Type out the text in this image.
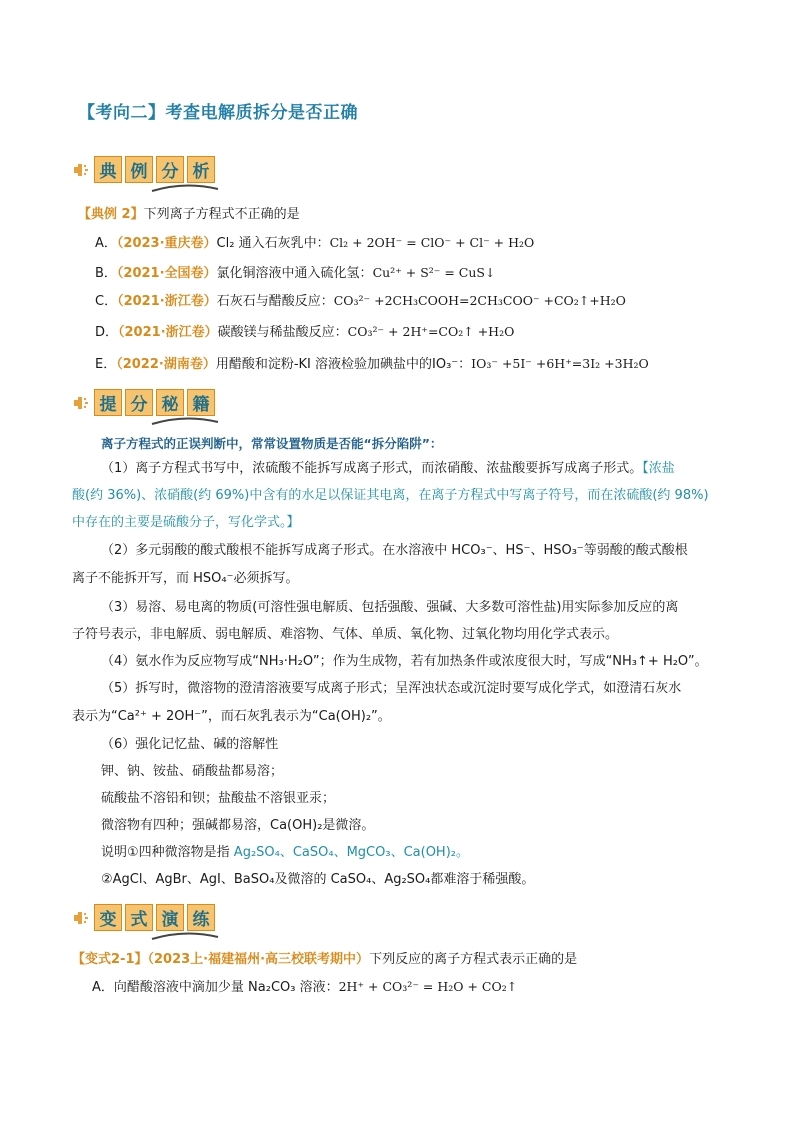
【考向二】考查电解质拆分是否正确
典 例 分 析
【典例 2】下列离子方程式不正确的是
A．（2023·重庆卷）Cl₂ 通入石灰乳中：Cl₂ + 2OH⁻ = ClO⁻ + Cl⁻ + H₂O
B．（2021·全国卷）氯化铜溶液中通入硫化氢：Cu²⁺ + S²⁻ = CuS↓
C．（2021·浙江卷）石灰石与醋酸反应：CO₃²⁻ +2CH₃COOH=2CH₃COO⁻ +CO₂↑+H₂O
D．（2021·浙江卷）碳酸镁与稀盐酸反应：CO₃²⁻ + 2H⁺=CO₂↑ +H₂O
E．（2022·湖南卷）用醋酸和淀粉-KI 溶液检验加碘盐中的IO₃⁻：IO₃⁻ +5I⁻ +6H⁺=3I₂ +3H₂O
提 分 秘 籍
离子方程式的正误判断中，常常设置物质是否能“拆分陷阱”：
（1）离子方程式书写中，浓硫酸不能拆写成离子形式，而浓硝酸、浓盐酸要拆写成离子形式。【浓盐
酸(约 36%)、浓硝酸(约 69%)中含有的水足以保证其电离，在离子方程式中写离子符号，而在浓硫酸(约 98%)
中存在的主要是硫酸分子，写化学式。】
（2）多元弱酸的酸式酸根不能拆写成离子形式。在水溶液中 HCO₃⁻、HS⁻、HSO₃⁻等弱酸的酸式酸根
离子不能拆开写，而 HSO₄⁻必须拆写。
（3）易溶、易电离的物质(可溶性强电解质、包括强酸、强碱、大多数可溶性盐)用实际参加反应的离
子符号表示，非电解质、弱电解质、难溶物、气体、单质、氧化物、过氧化物均用化学式表示。
（4）氨水作为反应物写成“NH₃·H₂O”；作为生成物，若有加热条件或浓度很大时，写成“NH₃↑+ H₂O”。
（5）拆写时，微溶物的澄清溶液要写成离子形式；呈浑浊状态或沉淀时要写成化学式，如澄清石灰水
表示为“Ca²⁺ + 2OH⁻”，而石灰乳表示为“Ca(OH)₂”。
（6）强化记忆盐、碱的溶解性
钾、钠、铵盐、硝酸盐都易溶；
硫酸盐不溶铅和钡；盐酸盐不溶银亚汞；
微溶物有四种；强碱都易溶，Ca(OH)₂是微溶。
说明①四种微溶物是指 Ag₂SO₄、CaSO₄、MgCO₃、Ca(OH)₂。
②AgCl、AgBr、AgI、BaSO₄及微溶的 CaSO₄、Ag₂SO₄都难溶于稀强酸。
变 式 演 练
【变式2-1】（2023上·福建福州·高三校联考期中）下列反应的离子方程式表示正确的是
A．向醋酸溶液中滴加少量 Na₂CO₃ 溶液：2H⁺ + CO₃²⁻ = H₂O + CO₂↑
